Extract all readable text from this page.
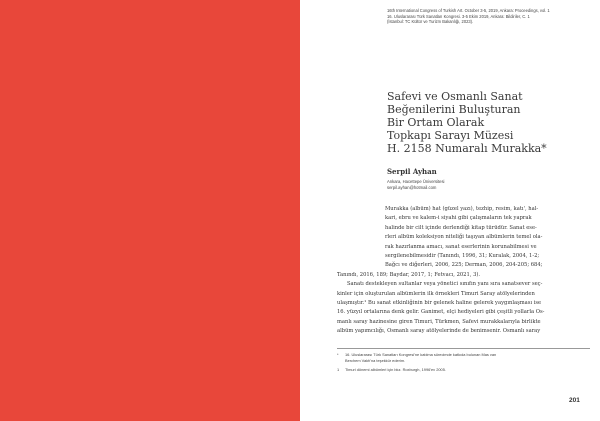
16th International Congress of Turkish Art. October 3-5, 2019, Ankara: Proceedings, vol. 1
16. Uluslararası Türk Sanatları Kongresi. 3-5 Ekim 2019, Ankara: Bildiriler, C. 1
(İstanbul: TC Kültür ve Turizm Bakanlığı, 2023).
Safevi ve Osmanlı Sanat
Beğenilerini Buluşturan
Bir Ortam Olarak
Topkapı Sarayı Müzesi
H. 2158 Numaralı Murakka*
Serpil Ayhan
Ankara, Hacettepe Üniversitesi
serpil.ayhan@hotmail.com
Murakka (albüm) hat (güzel yazı), tezhip, resim, katı', hal-
kari, ebru ve kalem-i siyahi gibi çalışmaların tek yaprak
halinde bir cilt içinde derlendiği kitap türüdür. Sanat ese-
rleri albüm koleksiyon niteliği taşıyan albümlerin temel ola-
rak hazırlanma amacı, sanat eserlerinin korunabilmesi ve
sergilenebilmesidir (Tanındı, 1996, 31; Kuralak, 2004, 1-2;
Bağcı ve diğerleri, 2006, 225; Derman, 2006, 204-205; 684;
Tanındı, 2016, 189; Baydar, 2017, 1; Fetvacı, 2021, 3).
Sanatı destekleyen sultanlar veya yönetici sınıfın yanı sıra sanatsever seç-
kinler için oluşturulan albümlerin ilk örnekleri Timuri Saray atölyelerinden
ulaşmıştır.¹ Bu sanat etkinliğinin bir gelenek haline gelerek yaygınlaşması ise
16. yüzyıl ortalarına denk gelir. Ganimet, elçi hediyeleri gibi çeşitli yollarla Os-
manlı saray hazinesine giren Timuri, Türkmen, Safevi murakkalarıyla birlikte
albüm yapımcılığı, Osmanlı saray atölyelerinde de benimsenir. Osmanlı saray
*	16. Uluslararası Türk Sanatları Kongresi'ne katılma sürecimde katkıda bulunan Mas van
Berchem Vakfı'na teşekkür ederim.
1	Timuri dönemi albümleri için bkz. Roxburgh, 1996'ev 2005.
201
